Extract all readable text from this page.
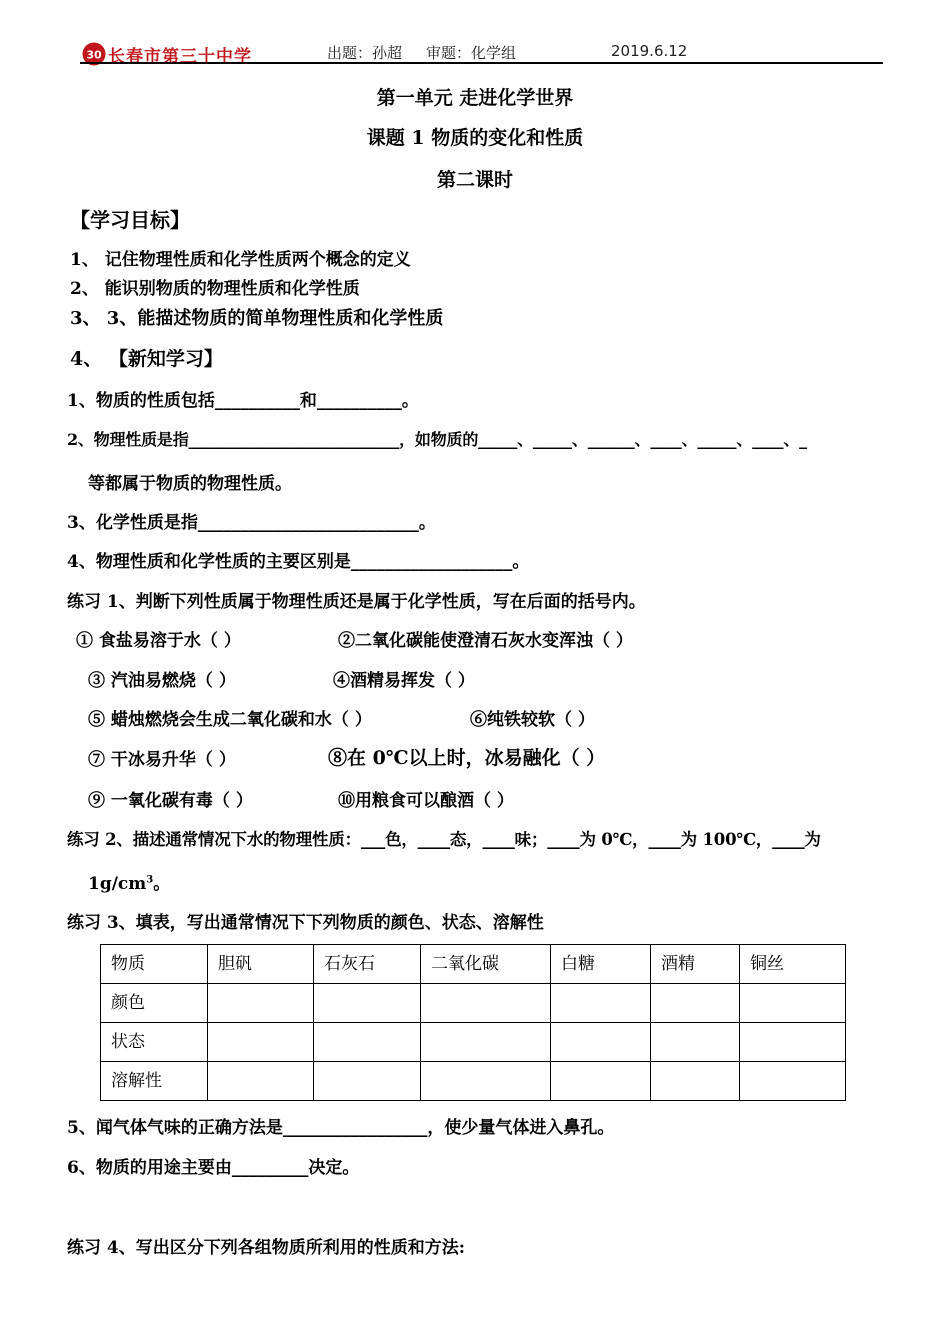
30 长春市第三十中学	出题：孙超 审题：化学组	2019.6.12
第一单元 走进化学世界
课题 1 物质的变化和性质
第二课时
【学习目标】
1、 记住物理性质和化学性质两个概念的定义
2、 能识别物质的物理性质和化学性质
3、 3、能描述物质的简单物理性质和化学性质
4、 【新知学习】
1、物质的性质包括__________和__________。
2、物理性质是指___________________________，如物质的_____、_____、______、____、_____、____、_
等都属于物质的物理性质。
3、化学性质是指__________________________。
4、物理性质和化学性质的主要区别是___________________。
练习 1、判断下列性质属于物理性质还是属于化学性质，写在后面的括号内。
① 食盐易溶于水（ ）	②二氧化碳能使澄清石灰水变浑浊（ ）
③ 汽油易燃烧（ ）	④酒精易挥发（ ）
⑤ 蜡烛燃烧会生成二氧化碳和水（ ）	⑥纯铁较软（ ）
⑦ 干冰易升华（ ）	⑧在 0℃以上时，冰易融化（ ）
⑨ 一氧化碳有毒（ ）	⑩用粮食可以酿酒（ ）
练习 2、描述通常情况下水的物理性质：___色，____态，____味；____为 0℃，____为 100℃，____为
$1g/cm^3$。
练习 3、填表，写出通常情况下下列物质的颜色、状态、溶解性
物质	胆矾	石灰石	二氧化碳	白糖	酒精	铜丝
颜色						
状态						
溶解性						
5、闻气体气味的正确方法是_________________，使少量气体进入鼻孔。
6、物质的用途主要由_________决定。
练习 4、写出区分下列各组物质所利用的性质和方法:
